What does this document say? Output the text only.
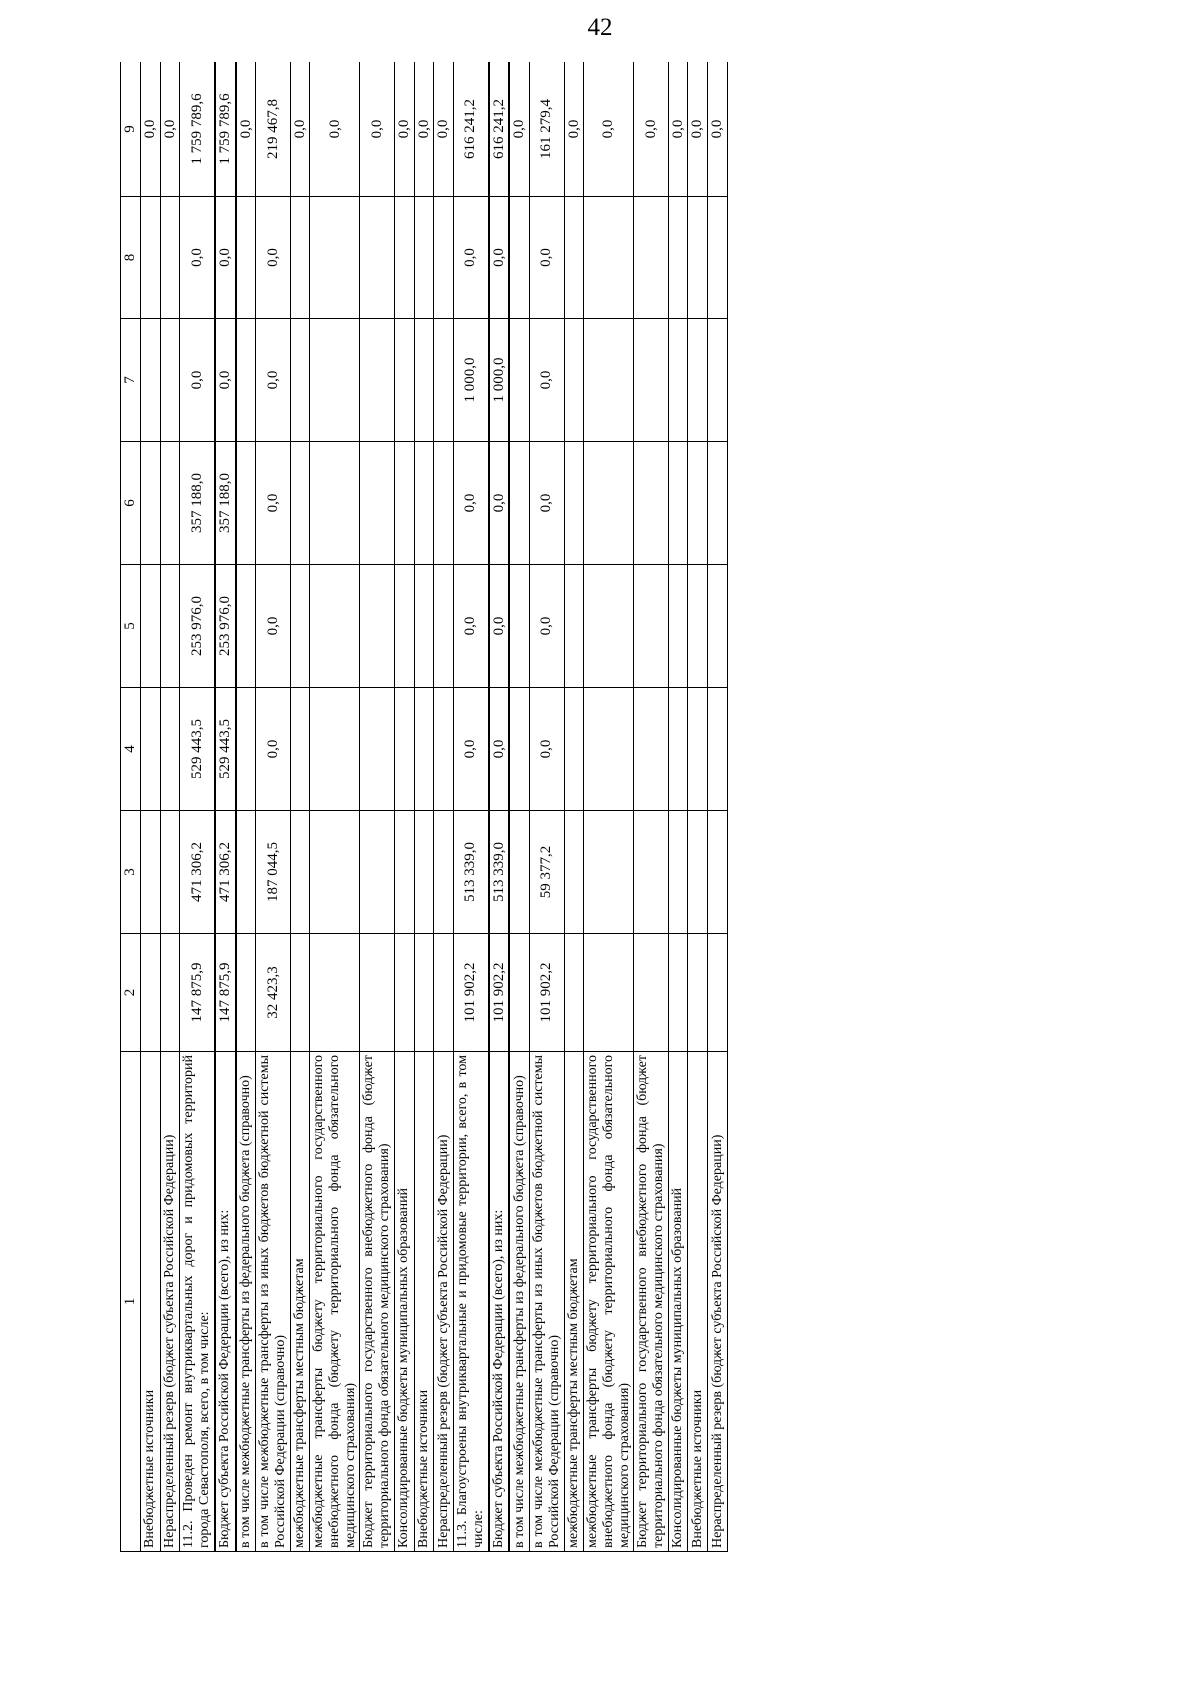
42
1	2	3	4	5	6	7	8	9
Внебюджетные источники								0,0
Нераспределенный резерв (бюджет субъекта Российской Федерации)								0,0
11.2. Проведен ремонт внутриквартальных дорог и придомовых территорий города Севастополя, всего, в том числе:	147 875,9	471 306,2	529 443,5	253 976,0	357 188,0	0,0	0,0	1 759 789,6
Бюджет субъекта Российской Федерации (всего), из них:	147 875,9	471 306,2	529 443,5	253 976,0	357 188,0	0,0	0,0	1 759 789,6
в том числе межбюджетные трансферты из федерального бюджета (справочно)								0,0
в том числе межбюджетные трансферты из иных бюджетов бюджетной системы Российской Федерации (справочно)	32 423,3	187 044,5	0,0	0,0	0,0	0,0	0,0	219 467,8
межбюджетные трансферты местным бюджетам								0,0
межбюджетные трансферты бюджету территориального государственного внебюджетного фонда (бюджету территориального фонда обязательного медицинского страхования)								0,0
Бюджет территориального государственного внебюджетного фонда (бюджет территориального фонда обязательного медицинского страхования)								0,0
Консолидированные бюджеты муниципальных образований								0,0
Внебюджетные источники								0,0
Нераспределенный резерв (бюджет субъекта Российской Федерации)								0,0
11.3. Благоустроены внутриквартальные и придомовые территории, всего, в том числе:	101 902,2	513 339,0	0,0	0,0	0,0	1 000,0	0,0	616 241,2
Бюджет субъекта Российской Федерации (всего), из них:	101 902,2	513 339,0	0,0	0,0	0,0	1 000,0	0,0	616 241,2
в том числе межбюджетные трансферты из федерального бюджета (справочно)								0,0
в том числе межбюджетные трансферты из иных бюджетов бюджетной системы Российской Федерации (справочно)	101 902,2	59 377,2	0,0	0,0	0,0	0,0	0,0	161 279,4
межбюджетные трансферты местным бюджетам								0,0
межбюджетные трансферты бюджету территориального государственного внебюджетного фонда (бюджету территориального фонда обязательного медицинского страхования)								0,0
Бюджет территориального государственного внебюджетного фонда (бюджет территориального фонда обязательного медицинского страхования)								0,0
Консолидированные бюджеты муниципальных образований								0,0
Внебюджетные источники								0,0
Нераспределенный резерв (бюджет субъекта Российской Федерации)								0,0
